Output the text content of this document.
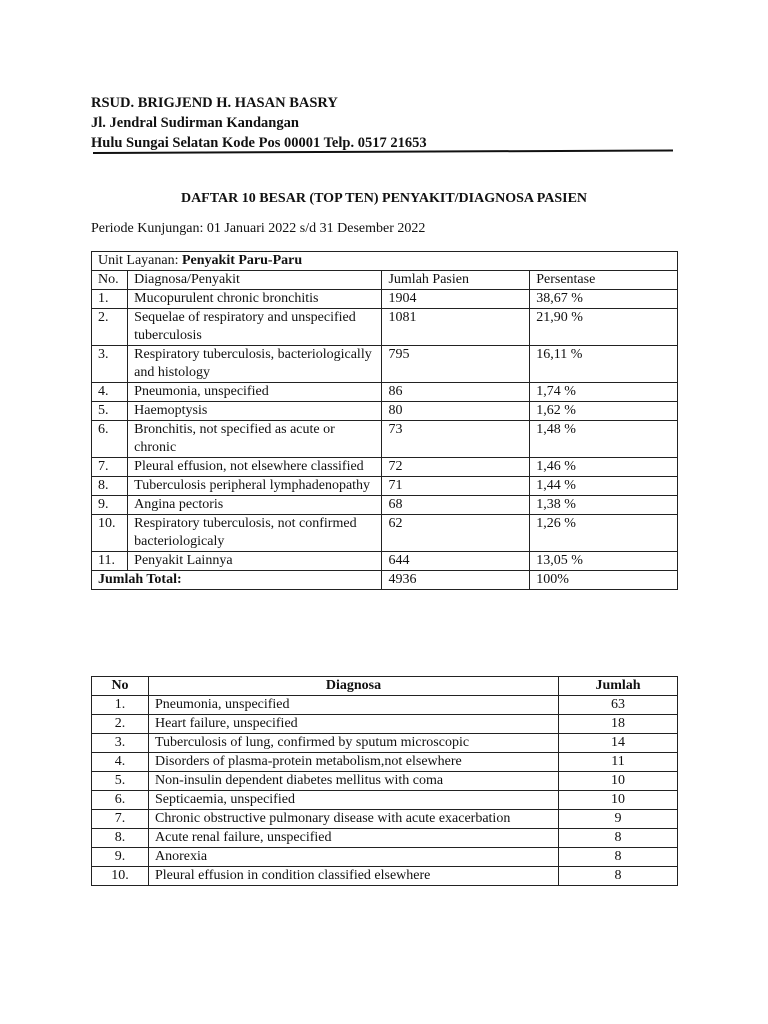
RSUD. BRIGJEND H. HASAN BASRY
Jl. Jendral Sudirman Kandangan
Hulu Sungai Selatan Kode Pos 00001 Telp. 0517 21653
DAFTAR 10 BESAR (TOP TEN) PENYAKIT/DIAGNOSA PASIEN
Periode Kunjungan: 01 Januari 2022 s/d 31 Desember 2022
Unit Layanan: Penyakit Paru-Paru			
No.	Diagnosa/Penyakit	Jumlah Pasien	Persentase
1.	Mucopurulent chronic bronchitis	1904	38,67 %
2.	Sequelae of respiratory and unspecified tuberculosis	1081	21,90 %
3.	Respiratory tuberculosis, bacteriologically and histology	795	16,11 %
4.	Pneumonia, unspecified	86	1,74 %
5.	Haemoptysis	80	1,62 %
6.	Bronchitis, not specified as acute or chronic	73	1,48 %
7.	Pleural effusion, not elsewhere classified	72	1,46 %
8.	Tuberculosis peripheral lymphadenopathy	71	1,44 %
9.	Angina pectoris	68	1,38 %
10.	Respiratory tuberculosis, not confirmed bacteriologicaly	62	1,26 %
11.	Penyakit Lainnya	644	13,05 %
Jumlah Total:		4936	100%
No	Diagnosa	Jumlah
1.	Pneumonia, unspecified	63
2.	Heart failure, unspecified	18
3.	Tuberculosis of lung, confirmed by sputum microscopic	14
4.	Disorders of plasma-protein metabolism,not elsewhere	11
5.	Non-insulin dependent diabetes mellitus with coma	10
6.	Septicaemia, unspecified	10
7.	Chronic obstructive pulmonary disease with acute exacerbation	9
8.	Acute renal failure, unspecified	8
9.	Anorexia	8
10.	Pleural effusion in condition classified elsewhere	8
